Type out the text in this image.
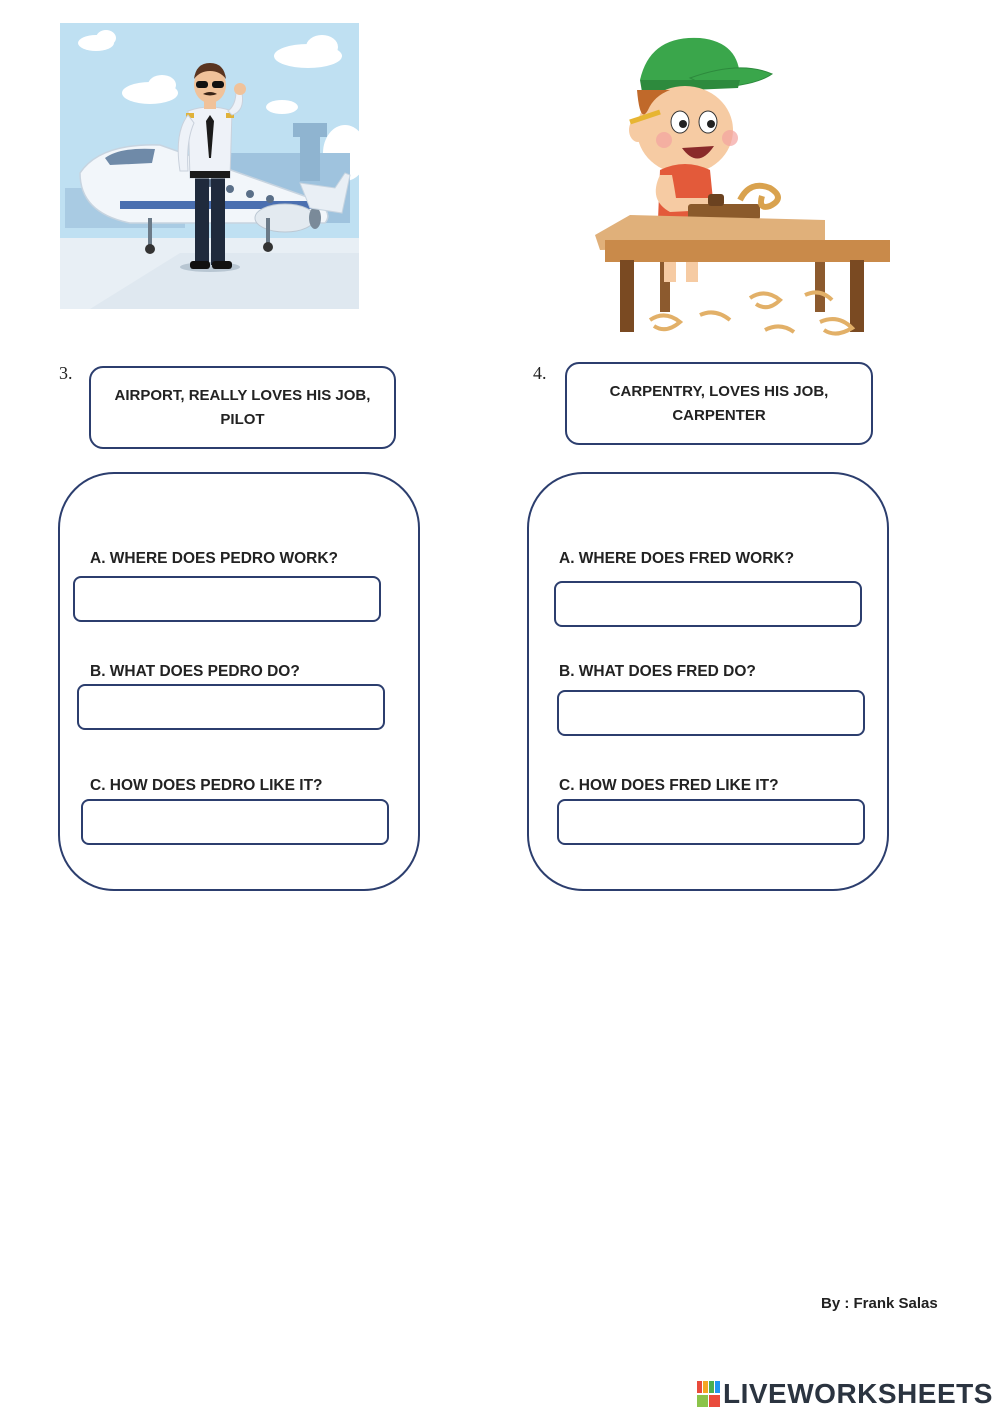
3.
AIRPORT, REALLY LOVES HIS JOB,
PILOT
A. WHERE DOES PEDRO WORK?
B. WHAT DOES PEDRO DO?
C. HOW DOES PEDRO LIKE IT?
4.
CARPENTRY, LOVES HIS JOB,
CARPENTER
A. WHERE DOES FRED WORK?
B. WHAT DOES FRED DO?
C. HOW DOES FRED LIKE IT?
By : Frank Salas
LIVEWORKSHEETS
